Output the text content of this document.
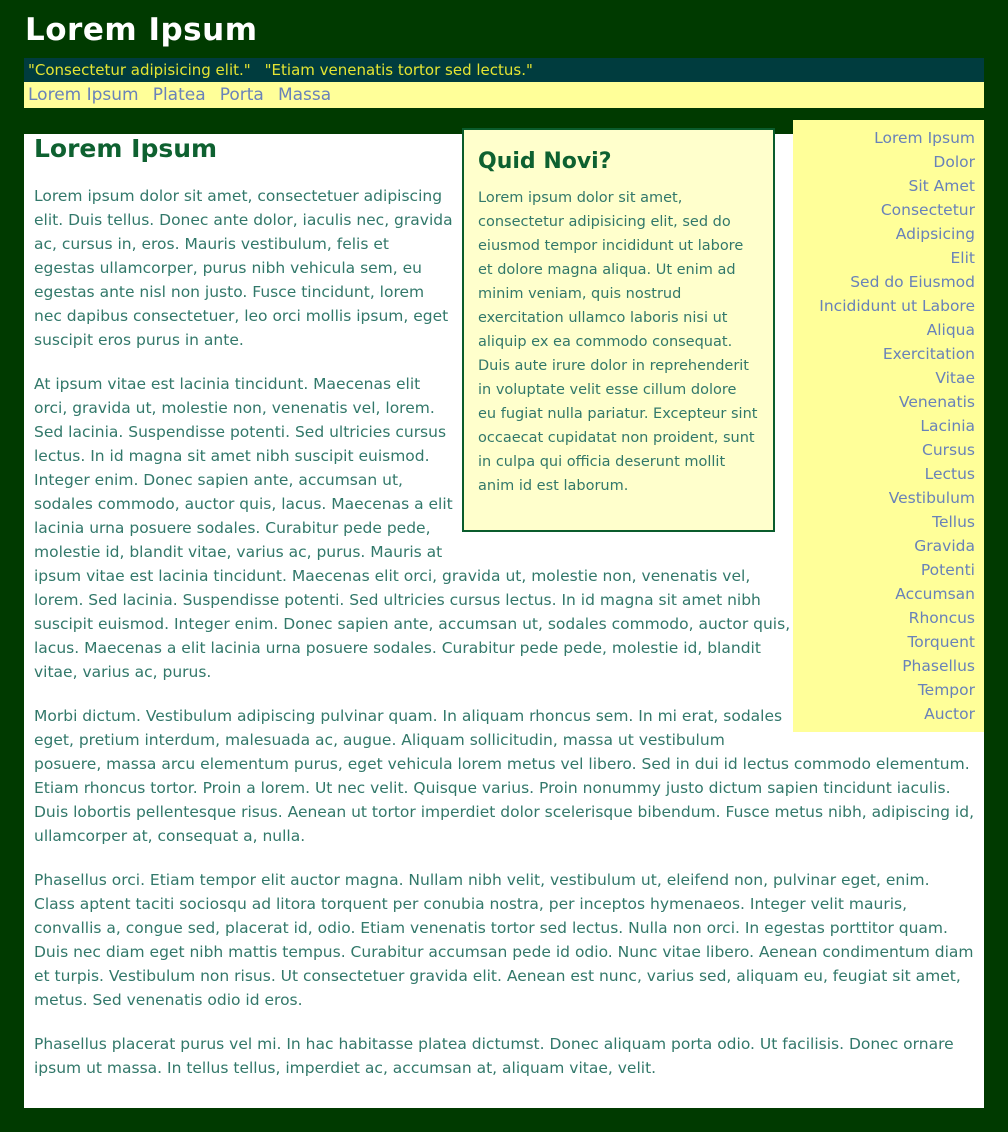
Lorem Ipsum
"Consectetur adipisicing elit." "Etiam venenatis tortor sed lectus."
Lorem Ipsum Platea Porta Massa
Lorem Ipsum
Dolor
Sit Amet
Consectetur
Adipsicing
Elit
Sed do Eiusmod
Incididunt ut Labore
Aliqua
Exercitation
Vitae
Venenatis
Lacinia
Cursus
Lectus
Vestibulum
Tellus
Gravida
Potenti
Accumsan
Rhoncus
Torquent
Phasellus
Tempor
Auctor
Quid Novi?

Lorem ipsum dolor sit amet, consectetur adipisicing elit, sed do eiusmod tempor incididunt ut labore et dolore magna aliqua. Ut enim ad minim veniam, quis nostrud exercitation ullamco laboris nisi ut aliquip ex ea commodo consequat. Duis aute irure dolor in reprehenderit in voluptate velit esse cillum dolore eu fugiat nulla pariatur. Excepteur sint occaecat cupidatat non proident, sunt in culpa qui officia deserunt mollit anim id est laborum.

Lorem Ipsum

Lorem ipsum dolor sit amet, consectetuer adipiscing elit. Duis tellus. Donec ante dolor, iaculis nec, gravida ac, cursus in, eros. Mauris vestibulum, felis et egestas ullamcorper, purus nibh vehicula sem, eu egestas ante nisl non justo. Fusce tincidunt, lorem nec dapibus consectetuer, leo orci mollis ipsum, eget suscipit eros purus in ante.

At ipsum vitae est lacinia tincidunt. Maecenas elit orci, gravida ut, molestie non, venenatis vel, lorem. Sed lacinia. Suspendisse potenti. Sed ultricies cursus lectus. In id magna sit amet nibh suscipit euismod. Integer enim. Donec sapien ante, accumsan ut, sodales commodo, auctor quis, lacus. Maecenas a elit lacinia urna posuere sodales. Curabitur pede pede, molestie id, blandit vitae, varius ac, purus. Mauris at ipsum vitae est lacinia tincidunt. Maecenas elit orci, gravida ut, molestie non, venenatis vel, lorem. Sed lacinia. Suspendisse potenti. Sed ultricies cursus lectus. In id magna sit amet nibh suscipit euismod. Integer enim. Donec sapien ante, accumsan ut, sodales commodo, auctor quis, lacus. Maecenas a elit lacinia urna posuere sodales. Curabitur pede pede, molestie id, blandit vitae, varius ac, purus.

Morbi dictum. Vestibulum adipiscing pulvinar quam. In aliquam rhoncus sem. In mi erat, sodales eget, pretium interdum, malesuada ac, augue. Aliquam sollicitudin, massa ut vestibulum posuere, massa arcu elementum purus, eget vehicula lorem metus vel libero. Sed in dui id lectus commodo elementum. Etiam rhoncus tortor. Proin a lorem. Ut nec velit. Quisque varius. Proin nonummy justo dictum sapien tincidunt iaculis. Duis lobortis pellentesque risus. Aenean ut tortor imperdiet dolor scelerisque bibendum. Fusce metus nibh, adipiscing id, ullamcorper at, consequat a, nulla.

Phasellus orci. Etiam tempor elit auctor magna. Nullam nibh velit, vestibulum ut, eleifend non, pulvinar eget, enim. Class aptent taciti sociosqu ad litora torquent per conubia nostra, per inceptos hymenaeos. Integer velit mauris, convallis a, congue sed, placerat id, odio. Etiam venenatis tortor sed lectus. Nulla non orci. In egestas porttitor quam. Duis nec diam eget nibh mattis tempus. Curabitur accumsan pede id odio. Nunc vitae libero. Aenean condimentum diam et turpis. Vestibulum non risus. Ut consectetuer gravida elit. Aenean est nunc, varius sed, aliquam eu, feugiat sit amet, metus. Sed venenatis odio id eros.

Phasellus placerat purus vel mi. In hac habitasse platea dictumst. Donec aliquam porta odio. Ut facilisis. Donec ornare ipsum ut massa. In tellus tellus, imperdiet ac, accumsan at, aliquam vitae, velit.
